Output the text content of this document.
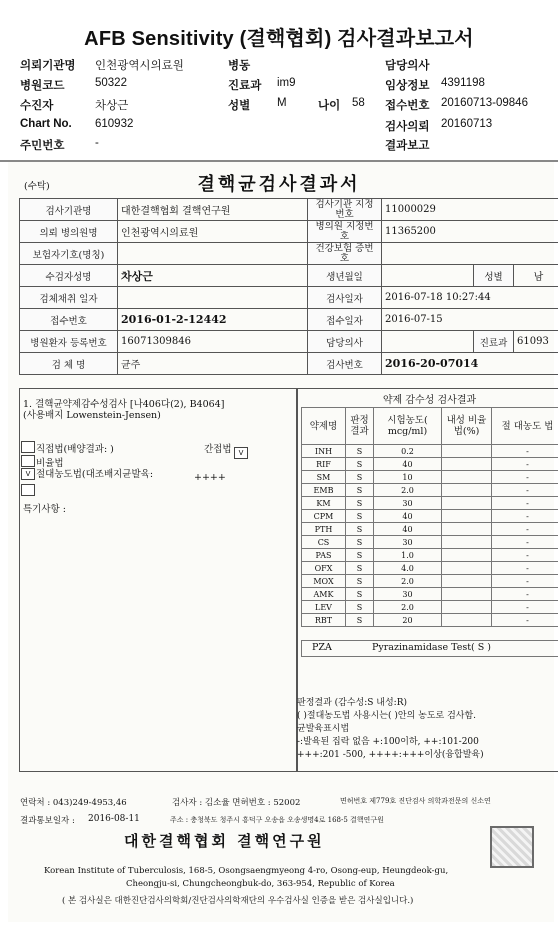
AFB Sensitivity (결핵협회) 검사결과보고서
의뢰기관명 인천광역시의료원	병동	담당의사
병원코드	50322	진료과 im9	임상정보 4391198
수진자	차상근	성별 M	나이 58 접수번호 20160713-09846
Chart No. 610932	검사의뢰 20160713
주민번호	-	결과보고
(수탁)	결핵균검사결과서
검사기관명	대한결핵협회 결핵연구원	검사기관 지정번호	11000029		
의뢰 병의원명	인천광역시의료원	병의원 지정번호	11365200		
보험자기호(명칭)		건강보험 증번호			
수검자성명	차상근	생년월일		성별	남
검체채취 일자		검사일자	2016-07-18 10:27:44		
접수번호	2016-01-2-12442	접수일자	2016-07-15		
병원환자 등록번호	16071309846	담당의사		진료과	61093
검 체 명	균주	검사번호	2016-20-07014		
1. 결핵균약제감수성검사 [나406다(2), B4064]
(사용배지 Lowenstein-Jensen)
직접법(배양결과: )	간접법	V
비율법
V 절대농도법(대조배지균발육:	++++
특기사항 :
약제 감수성 검사결과
약제명	판정 결과	시험농도( mcg/ml)	내성 비율법(%)	절 대농도 법
INH	S	0.2		-
RIF	S	40		-
SM	S	10		-
EMB	S	2.0		-
KM	S	30		-
CPM	S	40		-
PTH	S	40		-
CS	S	30		-
PAS	S	1.0		-
OFX	S	4.0		-
MOX	S	2.0		-
AMK	S	30		-
LEV	S	2.0		-
RBT	S	20		-
PZA	Pyrazinamidase Test( S )
판정결과 (감수성:S 내성:R)
( )절대농도법 사용시는( )안의 농도로 검사함.
균발육표시법
-:발육된 집락 없음 +:100이하, ++:101-200
+++:201 -500, ++++:+++이상(융합발육)
연락처 : 043)249-4953,46	검사자 : 김소율 면허번호 : 52002	면허번호 제779호 진단검사 의학과전문의 신소연
결과통보일자 : 2016-08-11	주소 : 충청북도 청주시 흥덕구 오송읍 오송생명4로 168-5 결핵연구원
대한결핵협회 결핵연구원
Korean Institute of Tuberculosis, 168-5, Osongsaengmyeong 4-ro, Osong-eup, Heungdeok-gu,
Cheongju-si, Chungcheongbuk-do, 363-954, Republic of Korea
( 본 검사실은 대한진단검사의학회/진단검사의학재단의 우수검사실 인증을 받은 검사실입니다.)
